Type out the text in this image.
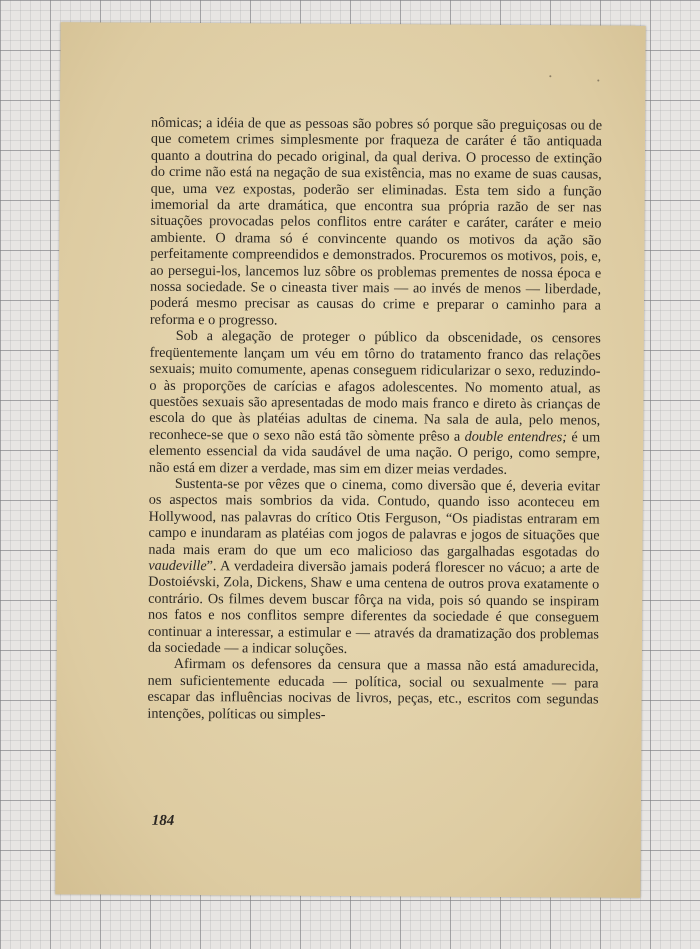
nômicas; a idéia de que as pessoas são pobres só porque são preguiçosas ou de que cometem crimes simplesmente por fraqueza de caráter é tão antiquada quanto a doutrina do pecado original, da qual deriva. O processo de extinção do crime não está na negação de sua existência, mas no exame de suas causas, que, uma vez expostas, poderão ser eliminadas. Esta tem sido a função imemorial da arte dramática, que encontra sua própria razão de ser nas situações provocadas pelos conflitos entre caráter e caráter, caráter e meio ambiente. O drama só é convincente quando os motivos da ação são perfeitamente compreendidos e demonstrados. Procuremos os motivos, pois, e, ao persegui-los, lancemos luz sôbre os problemas prementes de nossa época e nossa sociedade. Se o cineasta tiver mais — ao invés de menos — liberdade, poderá mesmo precisar as causas do crime e preparar o caminho para a reforma e o progresso.

Sob a alegação de proteger o público da obscenidade, os censores freqüentemente lançam um véu em tôrno do tratamento franco das relações sexuais; muito comumente, apenas conseguem ridicularizar o sexo, reduzindo-o às proporções de carícias e afagos adolescentes. No momento atual, as questões sexuais são apresentadas de modo mais franco e direto às crianças de escola do que às platéias adultas de cinema. Na sala de aula, pelo menos, reconhece-se que o sexo não está tão sòmente prêso a double entendres; é um elemento essencial da vida saudável de uma nação. O perigo, como sempre, não está em dizer a verdade, mas sim em dizer meias verdades.

Sustenta-se por vêzes que o cinema, como diversão que é, deveria evitar os aspectos mais sombrios da vida. Contudo, quando isso aconteceu em Hollywood, nas palavras do crítico Otis Ferguson, “Os piadistas entraram em campo e inundaram as platéias com jogos de palavras e jogos de situações que nada mais eram do que um eco malicioso das gargalhadas esgotadas do vaudeville”. A verdadeira diversão jamais poderá florescer no vácuo; a arte de Dostoiévski, Zola, Dickens, Shaw e uma centena de outros prova exatamente o contrário. Os filmes devem buscar fôrça na vida, pois só quando se inspiram nos fatos e nos conflitos sempre diferentes da sociedade é que conseguem continuar a interessar, a estimular e — através da dramatização dos problemas da sociedade — a indicar soluções.

Afirmam os defensores da censura que a massa não está amadurecida, nem suficientemente educada — política, social ou sexualmente — para escapar das influências nocivas de livros, peças, etc., escritos com segundas intenções, políticas ou simples-

184
